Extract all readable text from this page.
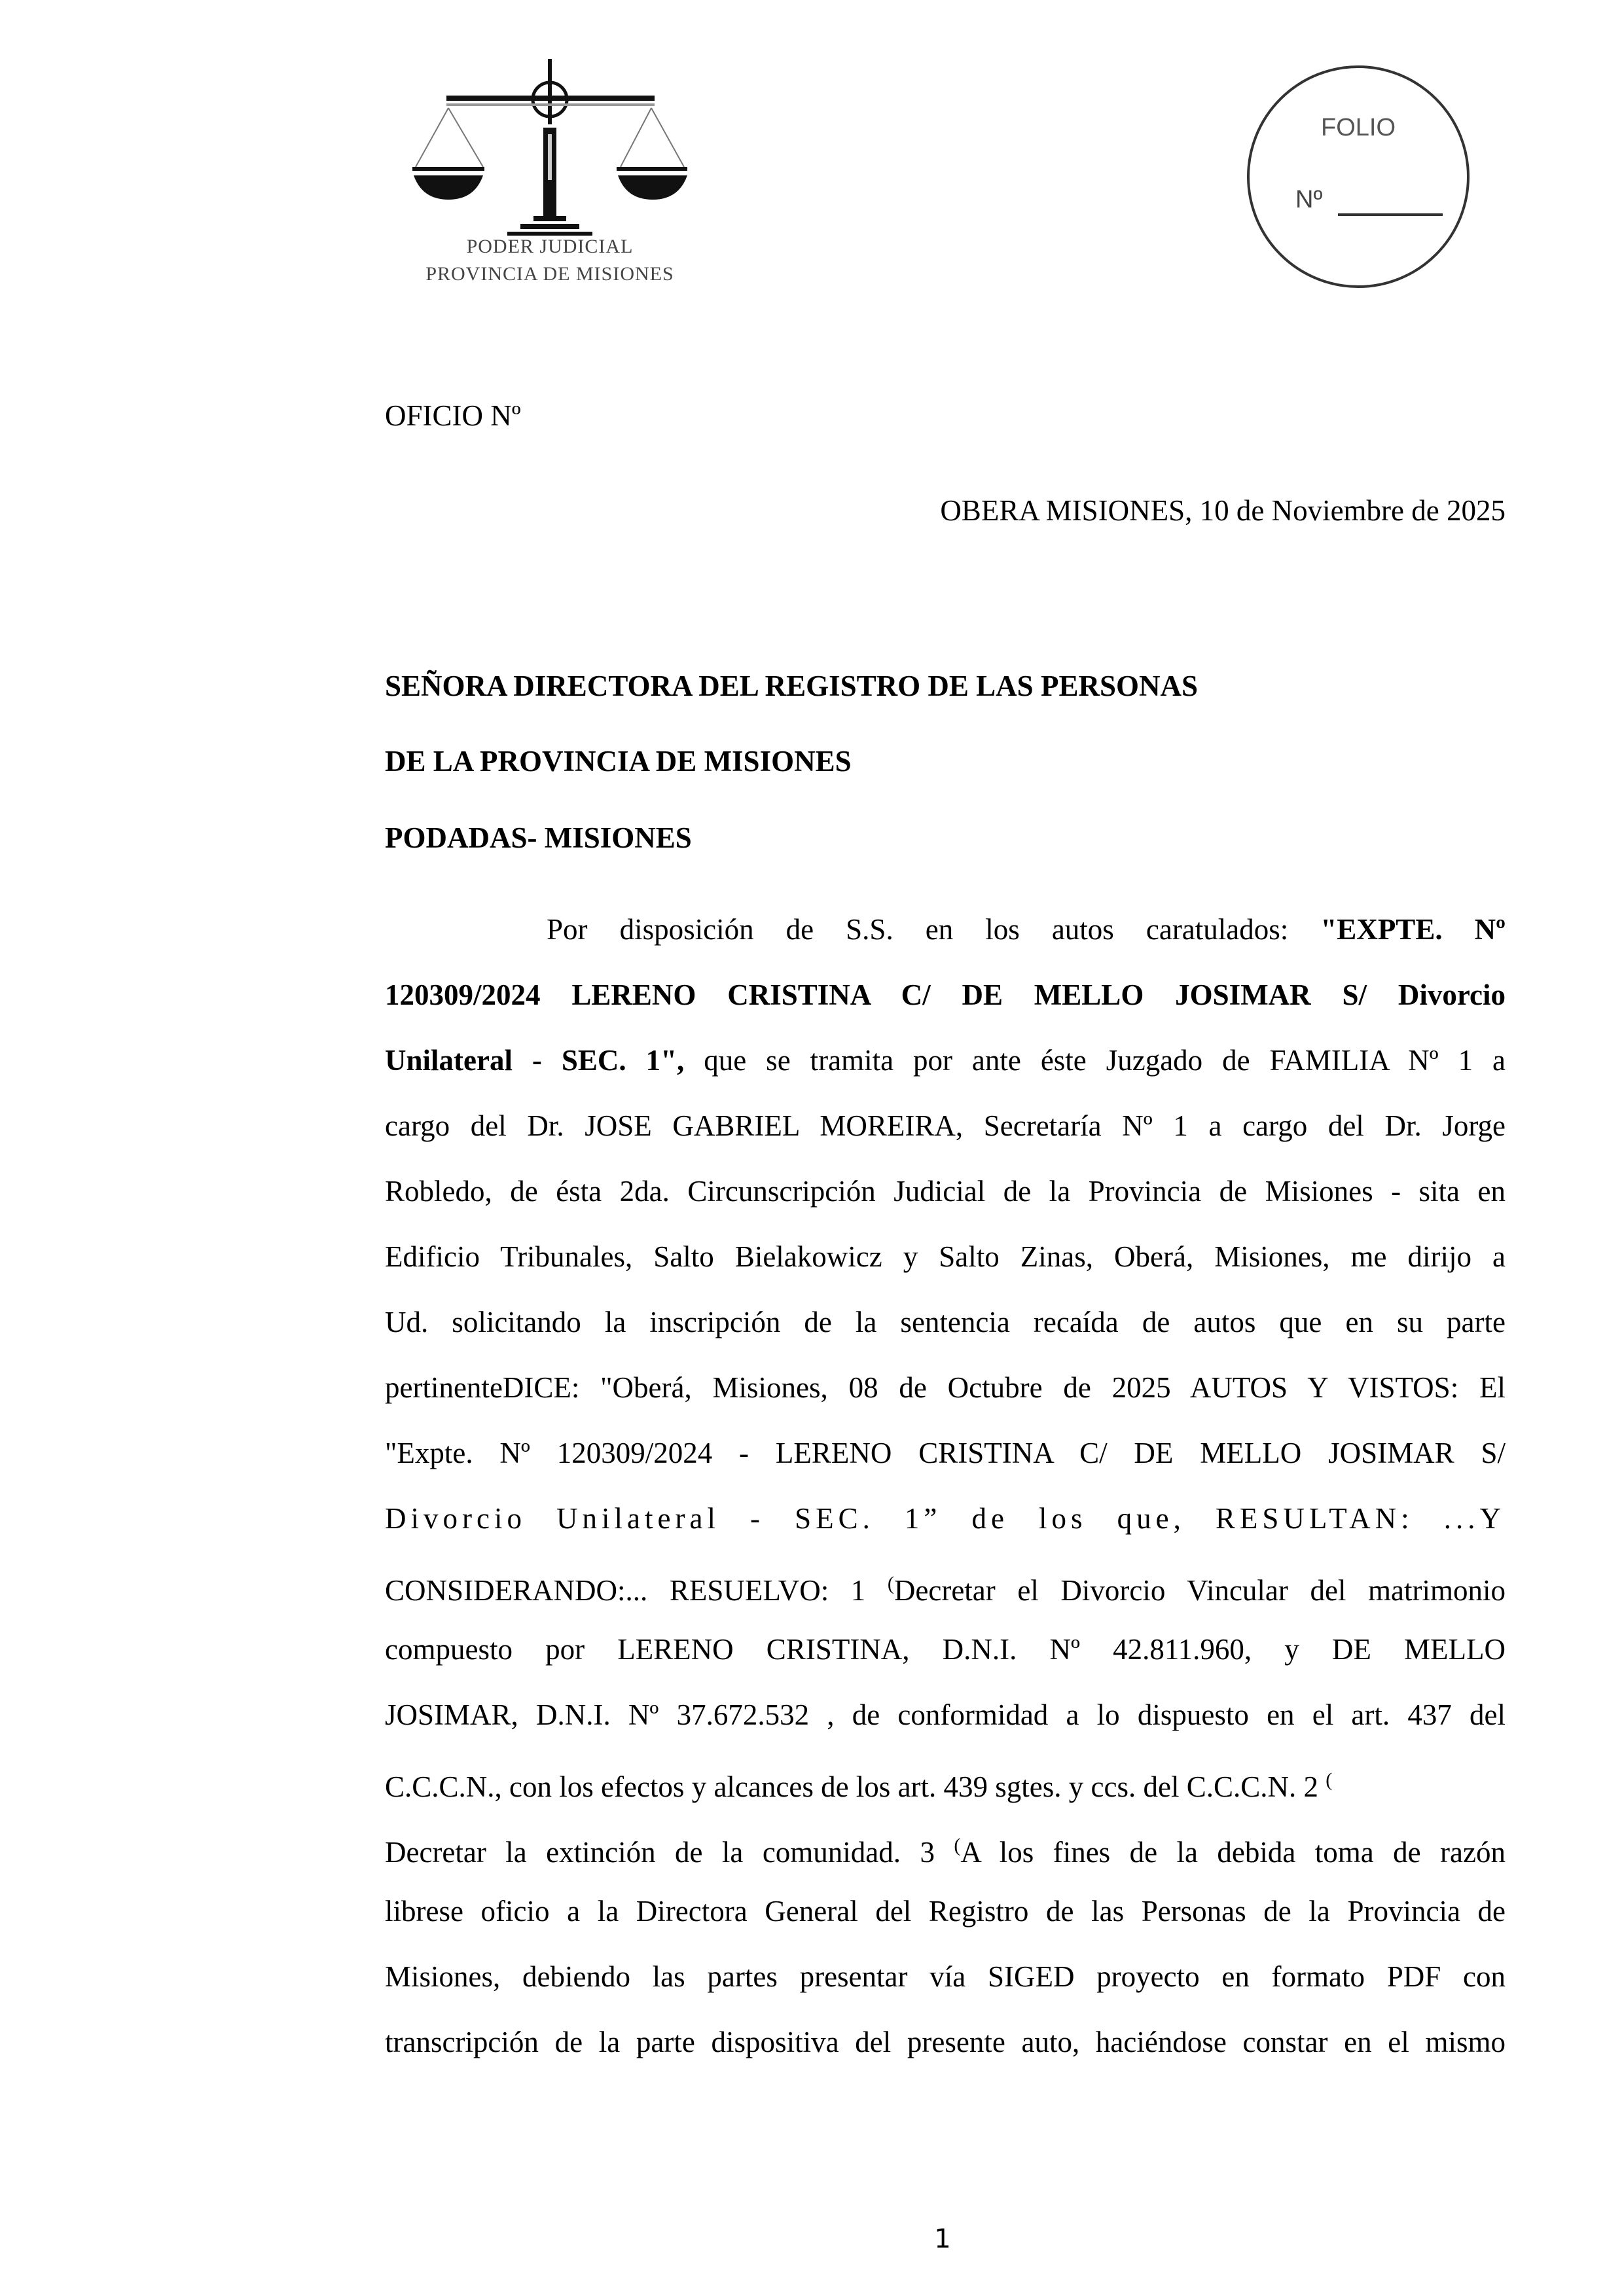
PODER JUDICIAL
PROVINCIA DE MISIONES
FOLIO
Nº
OFICIO Nº
OBERA MISIONES, 10 de Noviembre de 2025
SEÑORA DIRECTORA DEL REGISTRO DE LAS PERSONAS
DE LA PROVINCIA DE MISIONES
PODADAS- MISIONES
Por disposición de S.S. en los autos caratulados: "EXPTE. Nº
120309/2024 LERENO CRISTINA C/ DE MELLO JOSIMAR S/ Divorcio
Unilateral - SEC. 1", que se tramita por ante éste Juzgado de FAMILIA Nº 1 a
cargo del Dr. JOSE GABRIEL MOREIRA, Secretaría Nº 1 a cargo del Dr. Jorge
Robledo, de ésta 2da. Circunscripción Judicial de la Provincia de Misiones - sita en
Edificio Tribunales, Salto Bielakowicz y Salto Zinas, Oberá, Misiones, me dirijo a
Ud. solicitando la inscripción de la sentencia recaída de autos que en su parte
pertinenteDICE: "Oberá, Misiones, 08 de Octubre de 2025 AUTOS Y VISTOS: El
"Expte. Nº 120309/2024 - LERENO CRISTINA C/ DE MELLO JOSIMAR S/
Divorcio Unilateral - SEC. 1” de los que, RESULTAN: ...Y
CONSIDERANDO:... RESUELVO: 1 (Decretar el Divorcio Vincular del matrimonio
compuesto por LERENO CRISTINA, D.N.I. Nº 42.811.960, y DE MELLO
JOSIMAR, D.N.I. Nº 37.672.532 , de conformidad a lo dispuesto en el art. 437 del
C.C.C.N., con los efectos y alcances de los art. 439 sgtes. y ccs. del C.C.C.N. 2 (
Decretar la extinción de la comunidad. 3 (A los fines de la debida toma de razón
librese oficio a la Directora General del Registro de las Personas de la Provincia de
Misiones, debiendo las partes presentar vía SIGED proyecto en formato PDF con
transcripción de la parte dispositiva del presente auto, haciéndose constar en el mismo
1
